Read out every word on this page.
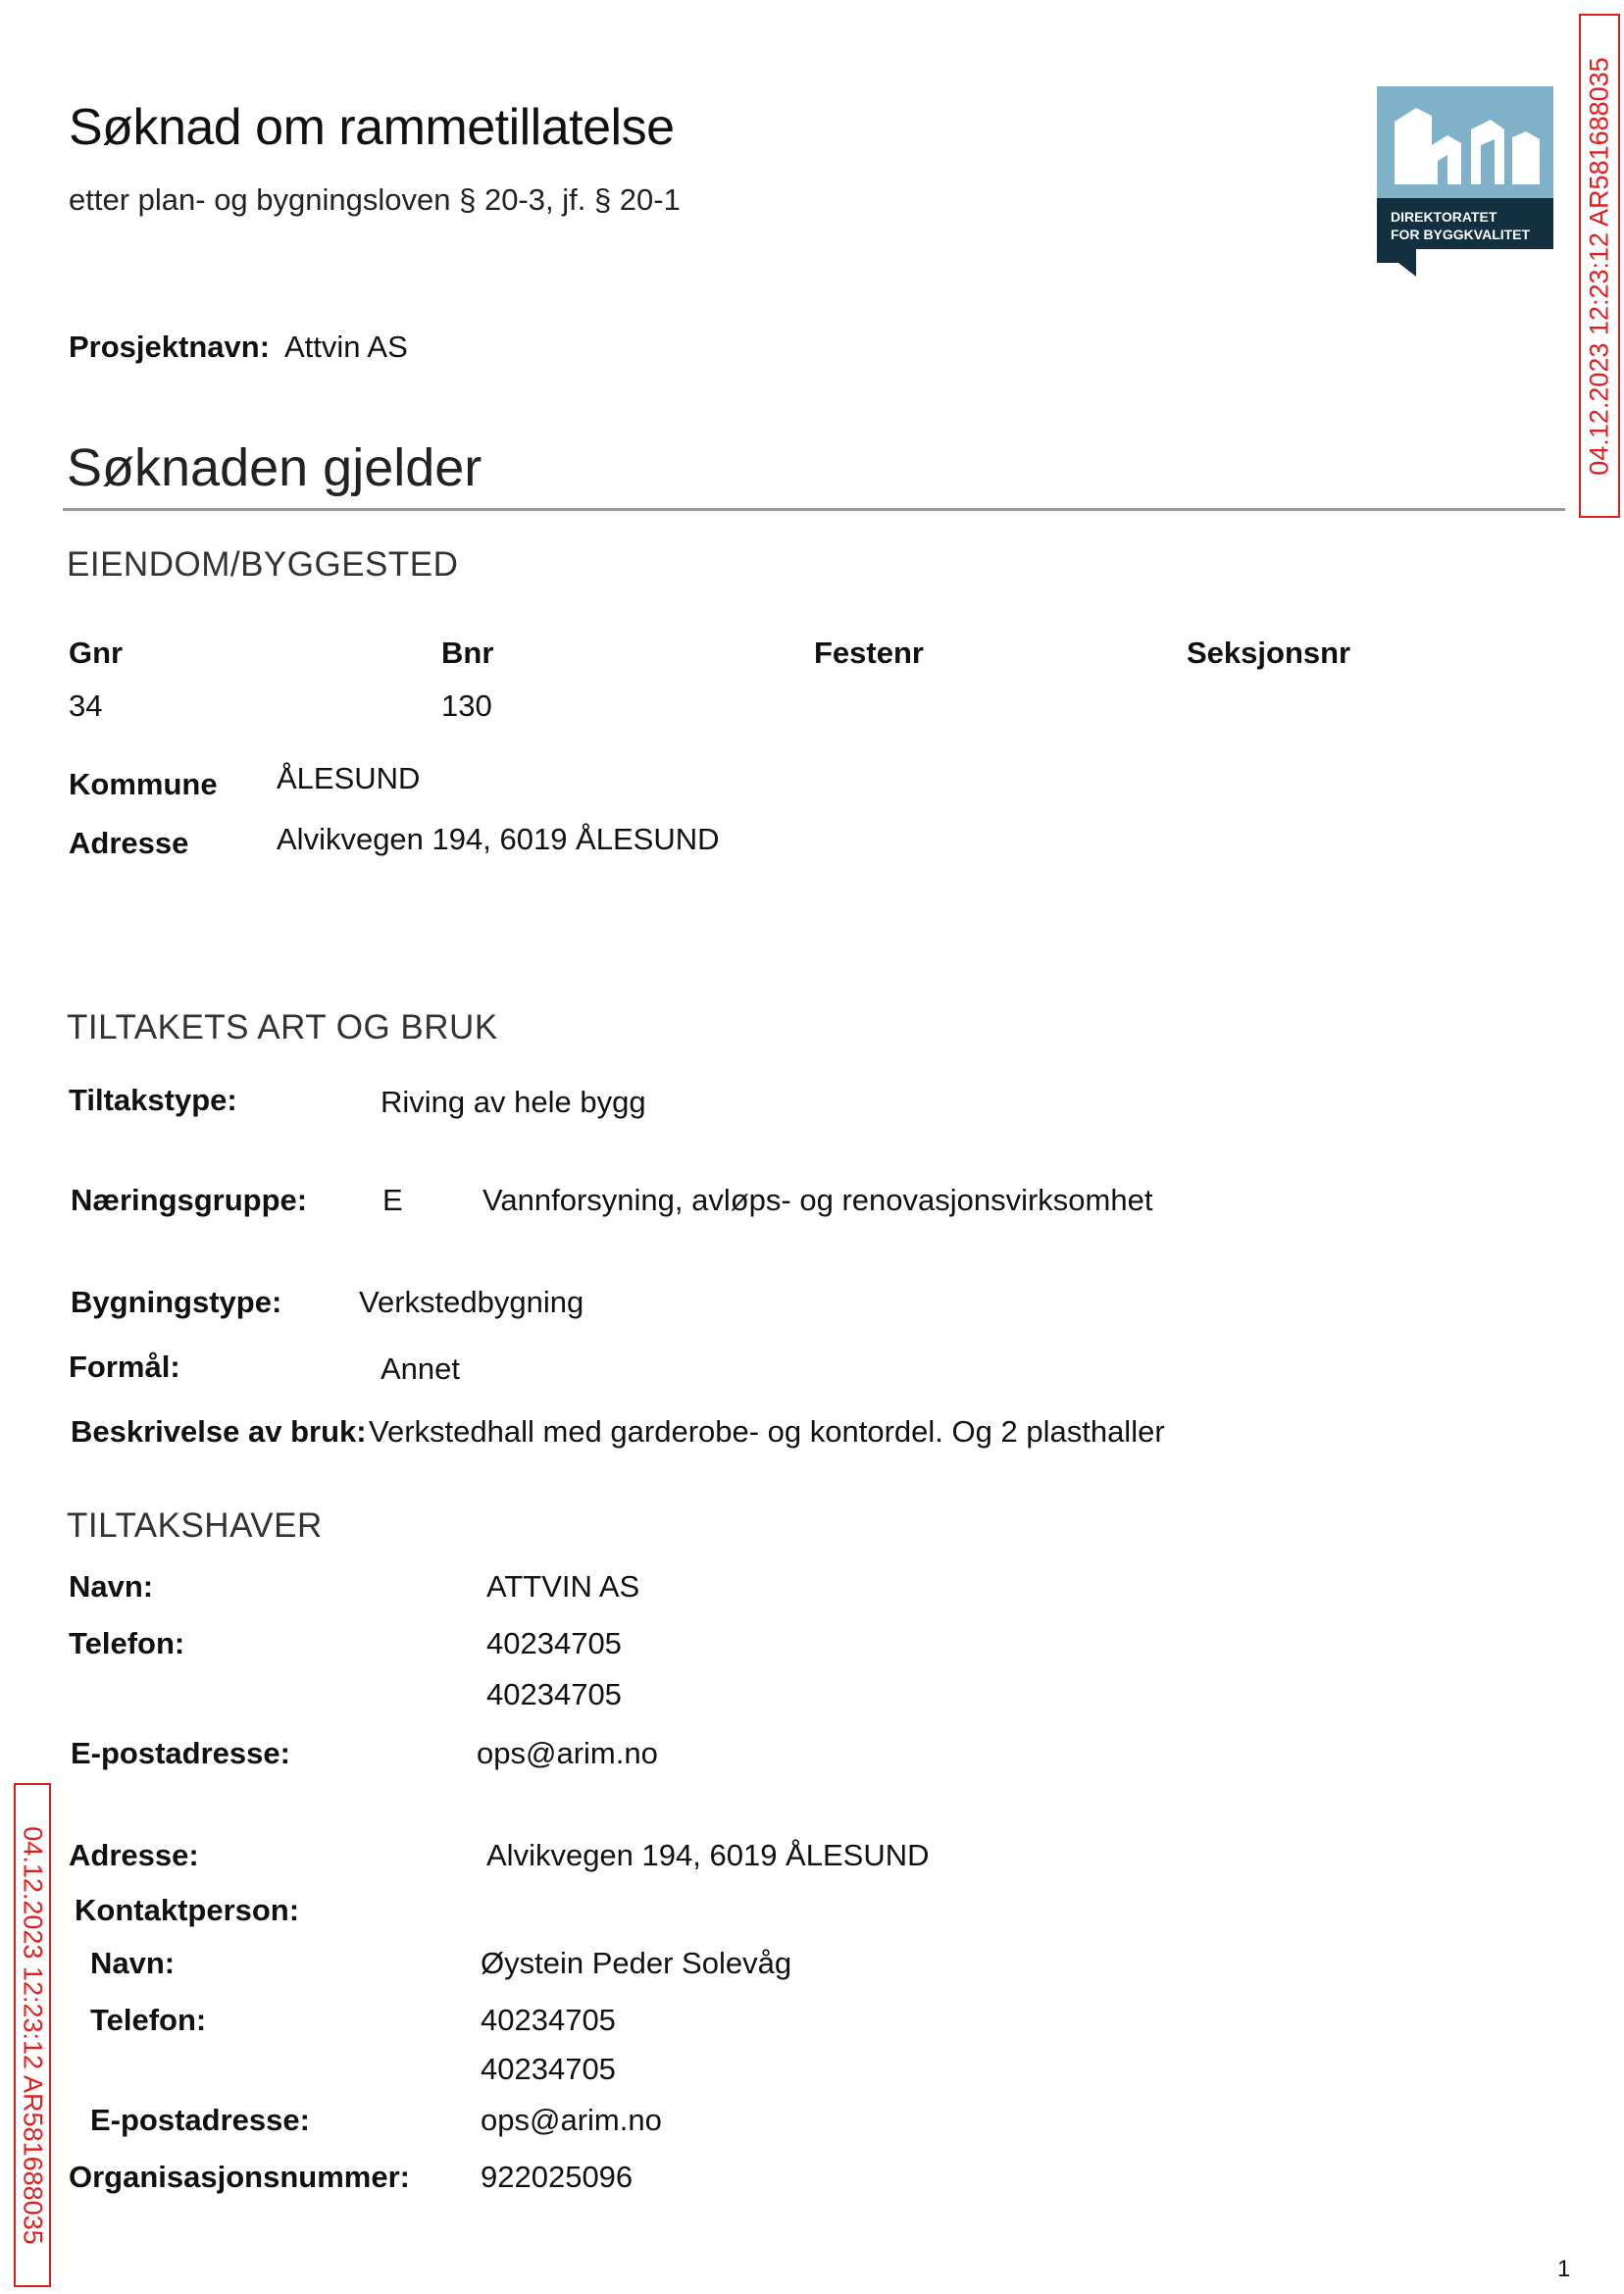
Søknad om rammetillatelse
etter plan- og bygningsloven § 20-3, jf. § 20-1
Prosjektnavn: Attvin AS
DIREKTORATET
FOR BYGGKVALITET 04.12.2023 12:23:12 AR581688035
04.12.2023 12:23:12 AR581688035
Søknaden gjelder
EIENDOM/BYGGESTED
Gnr	Bnr	Festenr	Seksjonsnr
34	130
Kommune ÅLESUND
Adresse	Alvikvegen 194, 6019 ÅLESUND
TILTAKETS ART OG BRUK
Tiltakstype:	Riving av hele bygg
Næringsgruppe: E	Vannforsyning, avløps- og renovasjonsvirksomhet
Bygningstype:	Verkstedbygning
Formål:	Annet
Beskrivelse av bruk: Verkstedhall med garderobe- og kontordel. Og 2 plasthaller
TILTAKSHAVER
Navn:	ATTVIN AS
Telefon:	40234705
40234705
E-postadresse:	ops@arim.no
Adresse:	Alvikvegen 194, 6019 ÅLESUND
Kontaktperson:
Navn:	Øystein Peder Solevåg
Telefon:	40234705
40234705
E-postadresse:	ops@arim.no
Organisasjonsnummer: 922025096
1
